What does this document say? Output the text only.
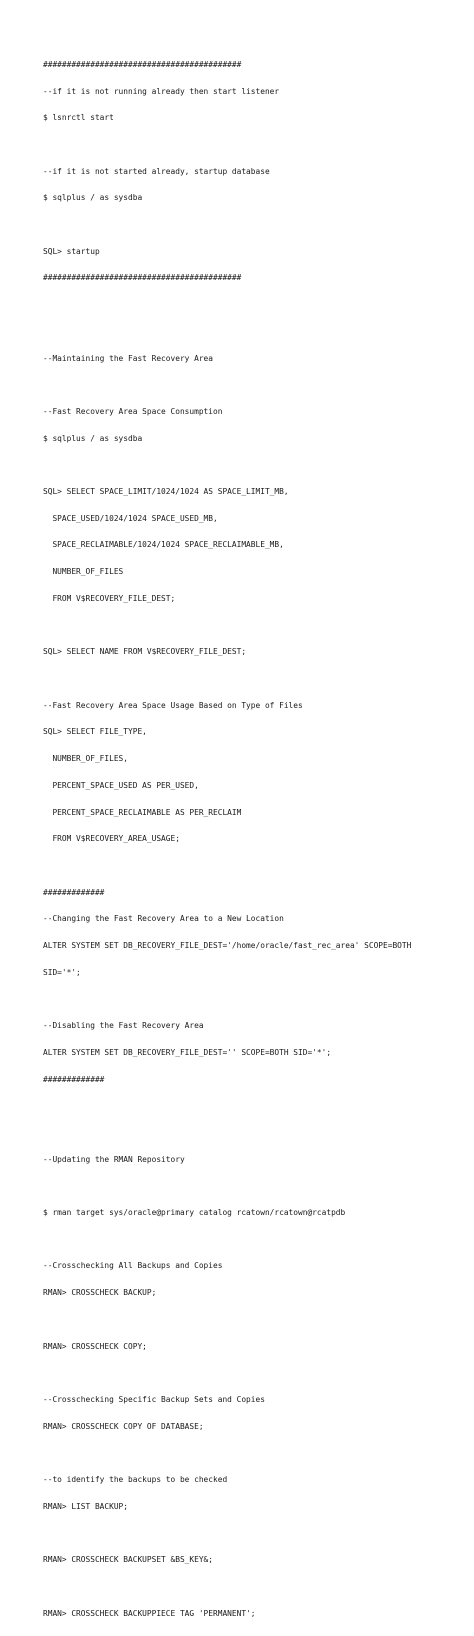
##########################################

--if it is not running already then start listener

$ lsnrctl start

--if it is not started already, startup database

$ sqlplus / as sysdba

SQL> startup

##########################################

--Maintaining the Fast Recovery Area

--Fast Recovery Area Space Consumption

$ sqlplus / as sysdba

SQL> SELECT SPACE_LIMIT/1024/1024 AS SPACE_LIMIT_MB,

SPACE_USED/1024/1024 SPACE_USED_MB,

SPACE_RECLAIMABLE/1024/1024 SPACE_RECLAIMABLE_MB,

NUMBER_OF_FILES

FROM V$RECOVERY_FILE_DEST;

SQL> SELECT NAME FROM V$RECOVERY_FILE_DEST;

--Fast Recovery Area Space Usage Based on Type of Files

SQL> SELECT FILE_TYPE,

NUMBER_OF_FILES,

PERCENT_SPACE_USED AS PER_USED,

PERCENT_SPACE_RECLAIMABLE AS PER_RECLAIM

FROM V$RECOVERY_AREA_USAGE;

#############

--Changing the Fast Recovery Area to a New Location

ALTER SYSTEM SET DB_RECOVERY_FILE_DEST='/home/oracle/fast_rec_area' SCOPE=BOTH

SID='*';

--Disabling the Fast Recovery Area

ALTER SYSTEM SET DB_RECOVERY_FILE_DEST='' SCOPE=BOTH SID='*';

#############

--Updating the RMAN Repository

$ rman target sys/oracle@primary catalog rcatown/rcatown@rcatpdb

--Crosschecking All Backups and Copies

RMAN> CROSSCHECK BACKUP;

RMAN> CROSSCHECK COPY;

--Crosschecking Specific Backup Sets and Copies

RMAN> CROSSCHECK COPY OF DATABASE;

--to identify the backups to be checked

RMAN> LIST BACKUP;

RMAN> CROSSCHECK BACKUPSET &BS_KEY&;

RMAN> CROSSCHECK BACKUPPIECE TAG 'PERMANENT';
